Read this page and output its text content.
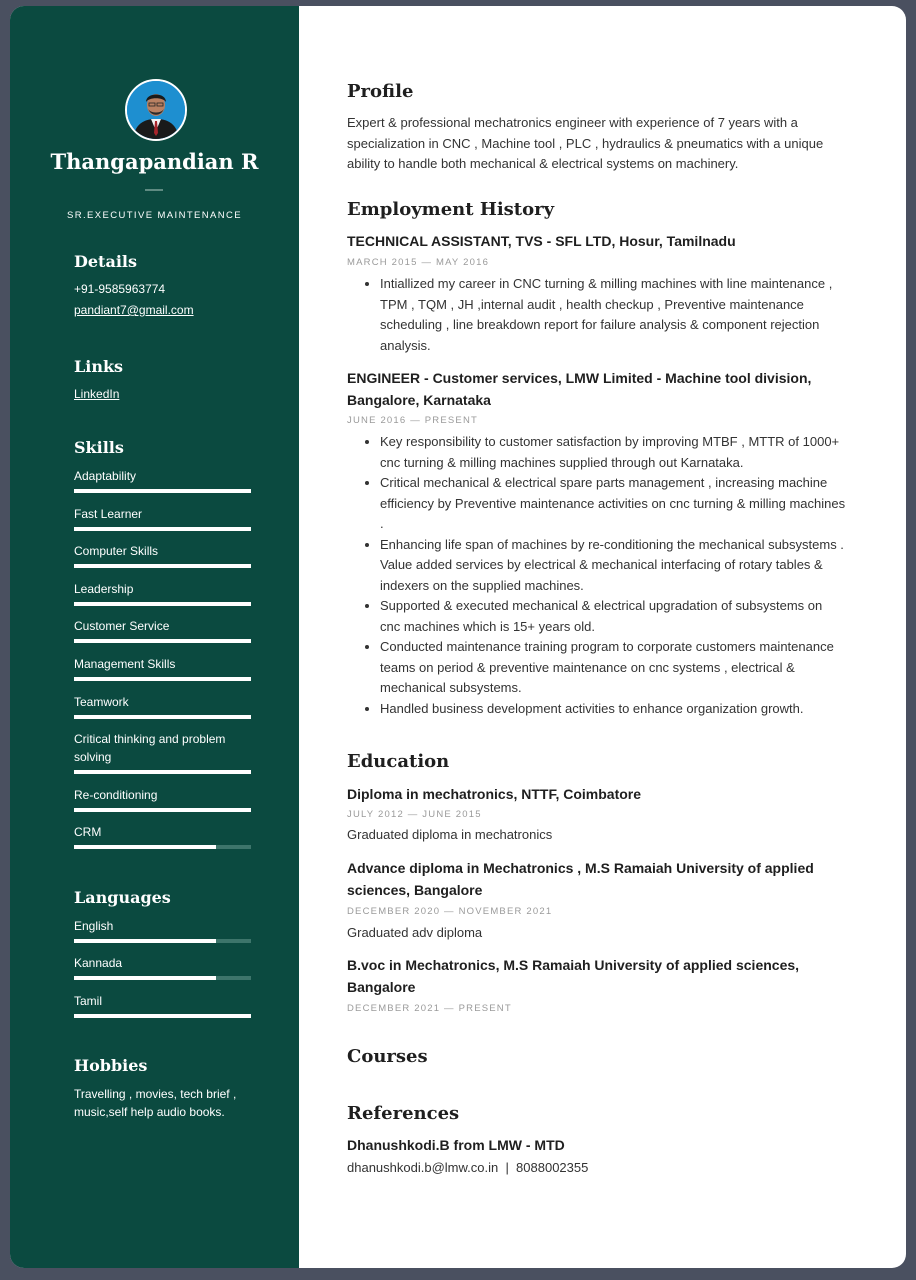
Thangapandian R
SR.EXECUTIVE MAINTENANCE
Details
+91-9585963774
pandiant7@gmail.com
Links
LinkedIn
Skills
Adaptability
Fast Learner
Computer Skills
Leadership
Customer Service
Management Skills
Teamwork
Critical thinking and problem solving
Re-conditioning
CRM
Languages
English
Kannada
Tamil
Hobbies
Travelling , movies, tech brief , music,self help audio books.
Profile
Expert & professional mechatronics engineer with experience of 7 years with a specialization in CNC , Machine tool , PLC , hydraulics & pneumatics with a unique ability to handle both mechanical & electrical systems on machinery.
Employment History
TECHNICAL ASSISTANT, TVS - SFL LTD, Hosur, Tamilnadu
MARCH 2015 — MAY 2016
• Intiallized my career in CNC turning & milling machines with line maintenance , TPM , TQM , JH ,internal audit , health checkup , Preventive maintenance scheduling , line breakdown report for failure analysis & component rejection analysis.
ENGINEER - Customer services, LMW Limited - Machine tool division, Bangalore, Karnataka
JUNE 2016 — PRESENT
• Key responsibility to customer satisfaction by improving MTBF , MTTR of 1000+ cnc turning & milling machines supplied through out Karnataka.
• Critical mechanical & electrical spare parts management , increasing machine efficiency by Preventive maintenance activities on cnc turning & milling machines .
• Enhancing life span of machines by re-conditioning the mechanical subsystems . Value added services by electrical & mechanical interfacing of rotary tables & indexers on the supplied machines.
• Supported & executed mechanical & electrical upgradation of subsystems on cnc machines which is 15+ years old.
• Conducted maintenance training program to corporate customers maintenance teams on period & preventive maintenance on cnc systems , electrical & mechanical subsystems.
• Handled business development activities to enhance organization growth.
Education
Diploma in mechatronics, NTTF, Coimbatore
JULY 2012 — JUNE 2015
Graduated diploma in mechatronics
Advance diploma in Mechatronics , M.S Ramaiah University of applied sciences, Bangalore
DECEMBER 2020 — NOVEMBER 2021
Graduated adv diploma
B.voc in Mechatronics, M.S Ramaiah University of applied sciences, Bangalore
DECEMBER 2021 — PRESENT
Courses
References
Dhanushkodi.B from LMW - MTD
dhanushkodi.b@lmw.co.in  |  8088002355
